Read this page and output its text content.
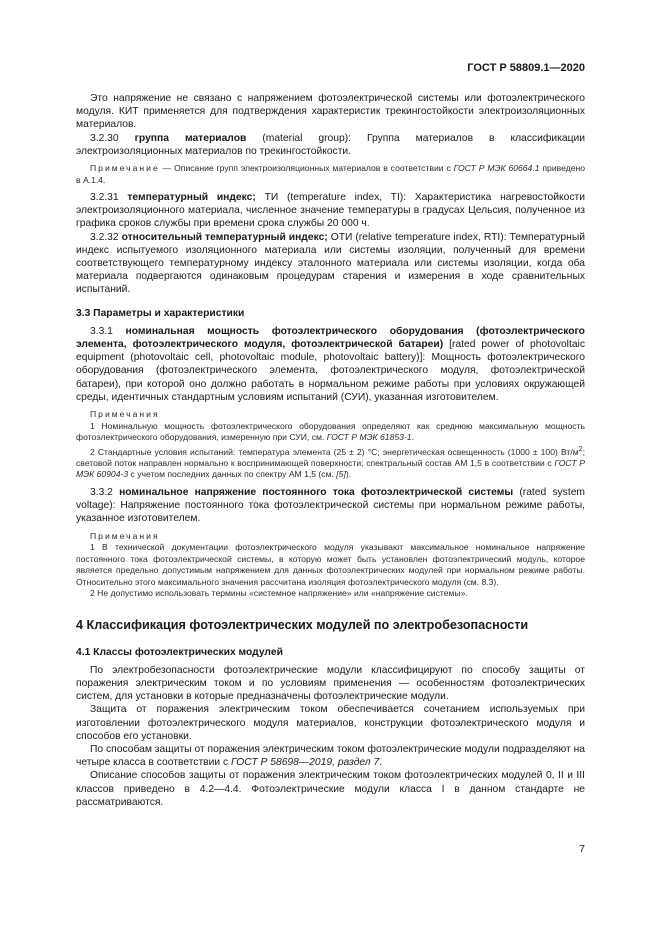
ГОСТ Р 58809.1—2020

Это напряжение не связано с напряжением фотоэлектрической системы или фотоэлектрического модуля. КИТ применяется для подтверждения характеристик трекингостойкости электроизоляционных материалов.

3.2.30 группа материалов (material group): Группа материалов в классификации электроизоляционных материалов по трекингостойкости.

Примечание — Описание групп электроизоляционных материалов в соответствии с ГОСТ Р МЭК 60664.1 приведено в А.1.4.

3.2.31 температурный индекс; ТИ (temperature index, TI): Характеристика нагревостойкости электроизоляционного материала, численное значение температуры в градусах Цельсия, полученное из графика сроков службы при времени срока службы 20 000 ч.

3.2.32 относительный температурный индекс; ОТИ (relative temperature index, RTI): Температурный индекс испытуемого изоляционного материала или системы изоляции, полученный для времени соответствующего температурному индексу эталонного материала или системы изоляции, когда оба материала подвергаются одинаковым процедурам старения и измерения в ходе сравнительных испытаний.

3.3 Параметры и характеристики

3.3.1 номинальная мощность фотоэлектрического оборудования (фотоэлектрического элемента, фотоэлектрического модуля, фотоэлектрической батареи) [rated power of photovoltaic equipment (photovoltaic cell, photovoltaic module, photovoltaic battery)]: Мощность фотоэлектрического оборудования (фотоэлектрического элемента, фотоэлектрического модуля, фотоэлектрической батареи), при которой оно должно работать в нормальном режиме работы при условиях окружающей среды, идентичных стандартным условиям испытаний (СУИ), указанная изготовителем.

Примечания

1 Номинальную мощность фотоэлектрического оборудования определяют как среднюю максимальную мощность фотоэлектрического оборудования, измеренную при СУИ, см. ГОСТ Р МЭК 61853-1.

2 Стандартные условия испытаний: температура элемента (25 ± 2) °С; энергетическая освещенность (1000 ± 100) $Вт/м^2$; световой поток направлен нормально к воспринимающей поверхности; спектральный состав АМ 1,5 в соответствии с ГОСТ Р МЭК 60904-3 с учетом последних данных по спектру АМ 1,5 (см. [5]).

3.3.2 номинальное напряжение постоянного тока фотоэлектрической системы (rated system voltage): Напряжение постоянного тока фотоэлектрической системы при нормальном режиме работы, указанное изготовителем.

Примечания

1 В технической документации фотоэлектрического модуля указывают максимальное номинальное напряжение постоянного тока фотоэлектрической системы, в которую может быть установлен фотоэлектрический модуль, которое является предельно допустимым напряжением для данных фотоэлектрических модулей при нормальном режиме работы. Относительно этого максимального значения рассчитана изоляция фотоэлектрического модуля (см. 8.3).

2 Не допустимо использовать термины «системное напряжение» или «напряжение системы».

4 Классификация фотоэлектрических модулей по электробезопасности

4.1 Классы фотоэлектрических модулей

По электробезопасности фотоэлектрические модули классифицируют по способу защиты от поражения электрическим током и по условиям применения — особенностям фотоэлектрических систем, для установки в которые предназначены фотоэлектрические модули.

Защита от поражения электрическим током обеспечивается сочетанием используемых при изготовлении фотоэлектрического модуля материалов, конструкции фотоэлектрического модуля и способов его установки.

По способам защиты от поражения электрическим током фотоэлектрические модули подразделяют на четыре класса в соответствии с ГОСТ Р 58698—2019, раздел 7.

Описание способов защиты от поражения электрическим током фотоэлектрических модулей 0, II и III классов приведено в 4.2—4.4. Фотоэлектрические модули класса I в данном стандарте не рассматриваются.

7
